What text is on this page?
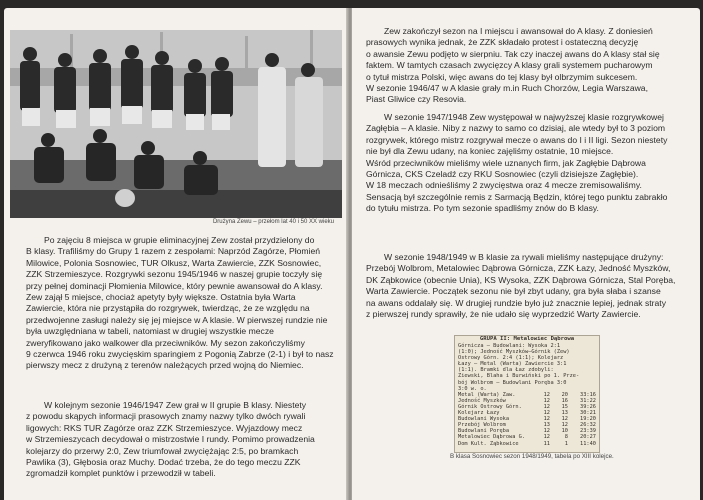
Drużyna Zewu – przełom lat 40 i 50 XX wieku
Po zajęciu 8 miejsca w grupie eliminacyjnej Zew został przydzielony do
B klasy. Trafiliśmy do Grupy 1 razem z zespołami: Naprzód Zagórze, Płomień
Milowice, Polonia Sosnowiec, TUR Olkusz, Warta Zawiercie, ZZK Sosnowiec,
ZZK Strzemieszyce. Rozgrywki sezonu 1945/1946 w naszej grupie toczyły się
przy pełnej dominacji Płomienia Milowice, który pewnie awansował do A klasy.
Zew zajął 5 miejsce, chociaż apetyty były większe. Ostatnia była Warta
Zawiercie, która nie przystąpiła do rozgrywek, twierdząc, że ze względu na
przedwojenne zasługi należy się jej miejsce w A klasie. W pierwszej rundzie nie
była uwzględniana w tabeli, natomiast w drugiej wszystkie mecze
zweryfikowano jako walkower dla przeciwników. My sezon zakończyliśmy
9 czerwca 1946 roku zwycięskim sparingiem z Pogonią Zabrze (2-1) i był to nasz
pierwszy mecz z drużyną z terenów należących przed wojną do Niemiec.
W kolejnym sezonie 1946/1947 Zew grał w II grupie B klasy. Niestety
z powodu skąpych informacji prasowych znamy nazwy tylko dwóch rywali
ligowych: RKS TUR Zagórze oraz ZZK Strzemieszyce. Wyjazdowy mecz
w Strzemieszycach decydował o mistrzostwie I rundy. Pomimo prowadzenia
kolejarzy do przerwy 2:0, Zew triumfował zwyciężając 2:5, po bramkach
Pawlika (3), Głębosia oraz Muchy. Dodać trzeba, że do tego meczu ZZK
zgromadził komplet punktów i przewodził w tabeli.
Zew zakończył sezon na I miejscu i awansował do A klasy. Z doniesień
prasowych wynika jednak, że ZZK składało protest i ostateczną decyzję
o awansie Zewu podjęto w sierpniu. Tak czy inaczej awans do A klasy stał się
faktem. W tamtych czasach zwycięzcy A klasy grali systemem pucharowym
o tytuł mistrza Polski, więc awans do tej klasy był olbrzymim sukcesem.
W sezonie 1946/47 w A klasie grały m.in Ruch Chorzów, Legia Warszawa,
Piast Gliwice czy Resovia.
W sezonie 1947/1948 Zew występował w najwyższej klasie rozgrywkowej
Zagłębia – A klasie. Niby z nazwy to samo co dzisiaj, ale wtedy był to 3 poziom
rozgrywek, którego mistrz rozgrywał mecze o awans do I i II ligi. Sezon niestety
nie był dla Zewu udany, na koniec zajęliśmy ostatnie, 10 miejsce.
Wśród przeciwników mieliśmy wiele uznanych firm, jak Zagłębie Dąbrowa
Górnicza, CKS Czeladź czy RKU Sosnowiec (czyli dzisiejsze Zagłębie).
W 18 meczach odnieśliśmy 2 zwycięstwa oraz 4 mecze zremisowaliśmy.
Sensacją był szczególnie remis z Sarmacją Będzin, której tego punktu zabrakło
do tytułu mistrza. Po tym sezonie spadliśmy znów do B klasy.
W sezonie 1948/1949 w B klasie za rywali mieliśmy następujące drużyny:
Przebój Wolbrom, Metalowiec Dąbrowa Górnicza, ZZK Łazy, Jedność Myszków,
DK Ząbkowice (obecnie Unia), KS Wysoka, ZZK Dąbrowa Górnicza, Stal Poręba,
Warta Zawiercie. Początek sezonu nie był zbyt udany, gra była słaba i szanse
na awans oddalały się. W drugiej rundzie było już znacznie lepiej, jednak straty
z pierwszej rundy sprawiły, że nie udało się wyprzedzić Warty Zawiercie.
GRUPA II: Metalowiec Dąbrowa
Górnicza — Budowlani: Wysoka 2:1
(1:0); Jedność Myszków—Górnik (Zew)
Ostrowy Górn. 2:4 (1:1); Kolejarz
Łazy — Metal (Warta) Zawiercie 3:1
(1:1). Bramki dla Łaz zdobyli:
Ziewski, Blaha i Burwiński po 1. Prze-
bój Wolbrom — Budowlani Poręba 3:0
3:0 w. o.
Metal (Warta) Zaw.	12	20	33:16
Jedność Myszków	12	16	31:22
Górnik Ostrowy Górn.	12	15	39:26
Kolejarz Łazy	12	13	30:21
Budowlani Wysoka	12	12	19:20
Przebój Wolbrom	13	12	26:32
Budowlani Poręba	12	10	23:39
Metalowiec Dąbrowa G.	12	8	20:27
Dom Kult. Ząbkowice	11	1	11:40
B klasa Sosnowiec sezon 1948/1949, tabela po XIII kolejce.
